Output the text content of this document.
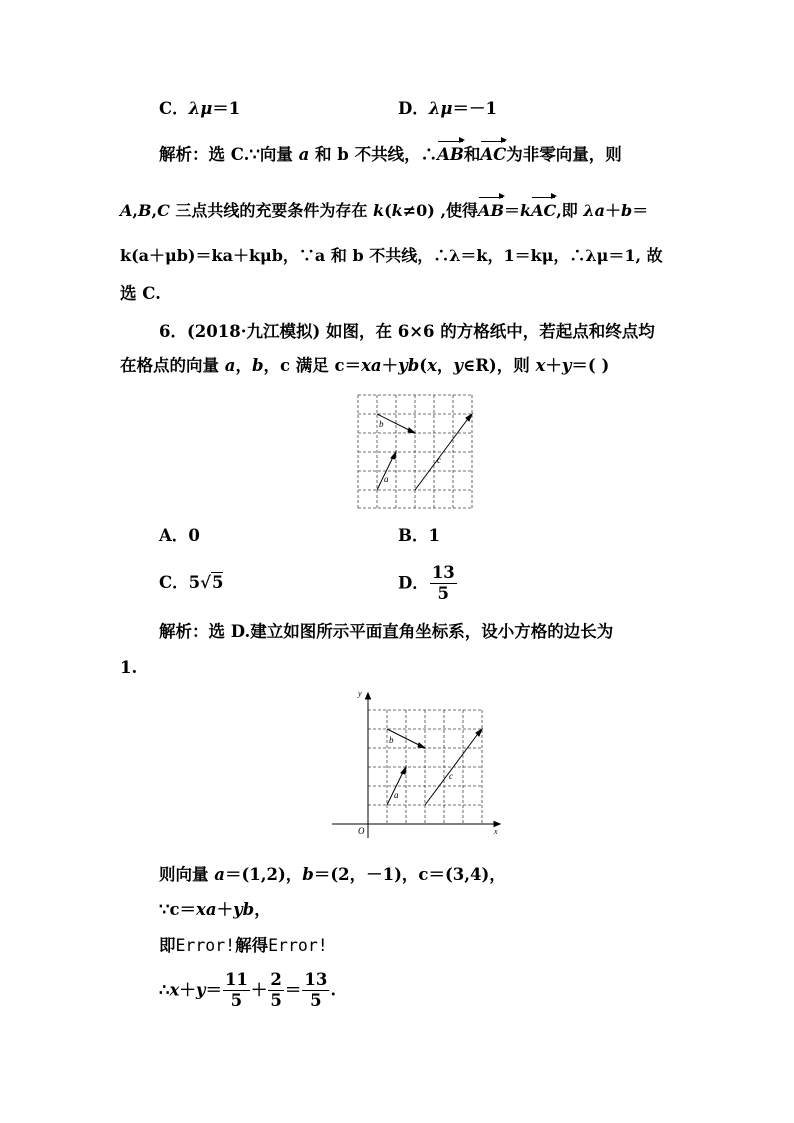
C．λμ＝1	D．λμ＝－1
解析：选 C.∵向量 a 和 b 不共线，∴AB和AC为非零向量，则
A,B,C 三点共线的充要条件为存在 k(k≠0) ,使得AB＝kAC,即 λa＋b＝
k(a＋μb)＝ka＋kμb，∵a 和 b 不共线，∴λ＝k，1＝kμ，∴λμ＝1, 故
选 C.
6．(2018·九江模拟) 如图，在 6×6 的方格纸中，若起点和终点均
在格点的向量 a，b，c 满足 c＝xa＋yb(x，y∈R)，则 x＋y＝( )
a
b
c
A．0	B．1
C．5√5	D． $\frac{13}{5}$
解析：选 D.建立如图所示平面直角坐标系，设小方格的边长为
1.
a
b
c
O	x
y
则向量 a＝(1,2)，b＝(2，－1)，c＝(3,4)，
∵c＝xa＋yb，
即Error!解得Error!
∴x＋y＝ $\frac{11}{5} + \frac{2}{5} = \frac{13}{5}$ .
